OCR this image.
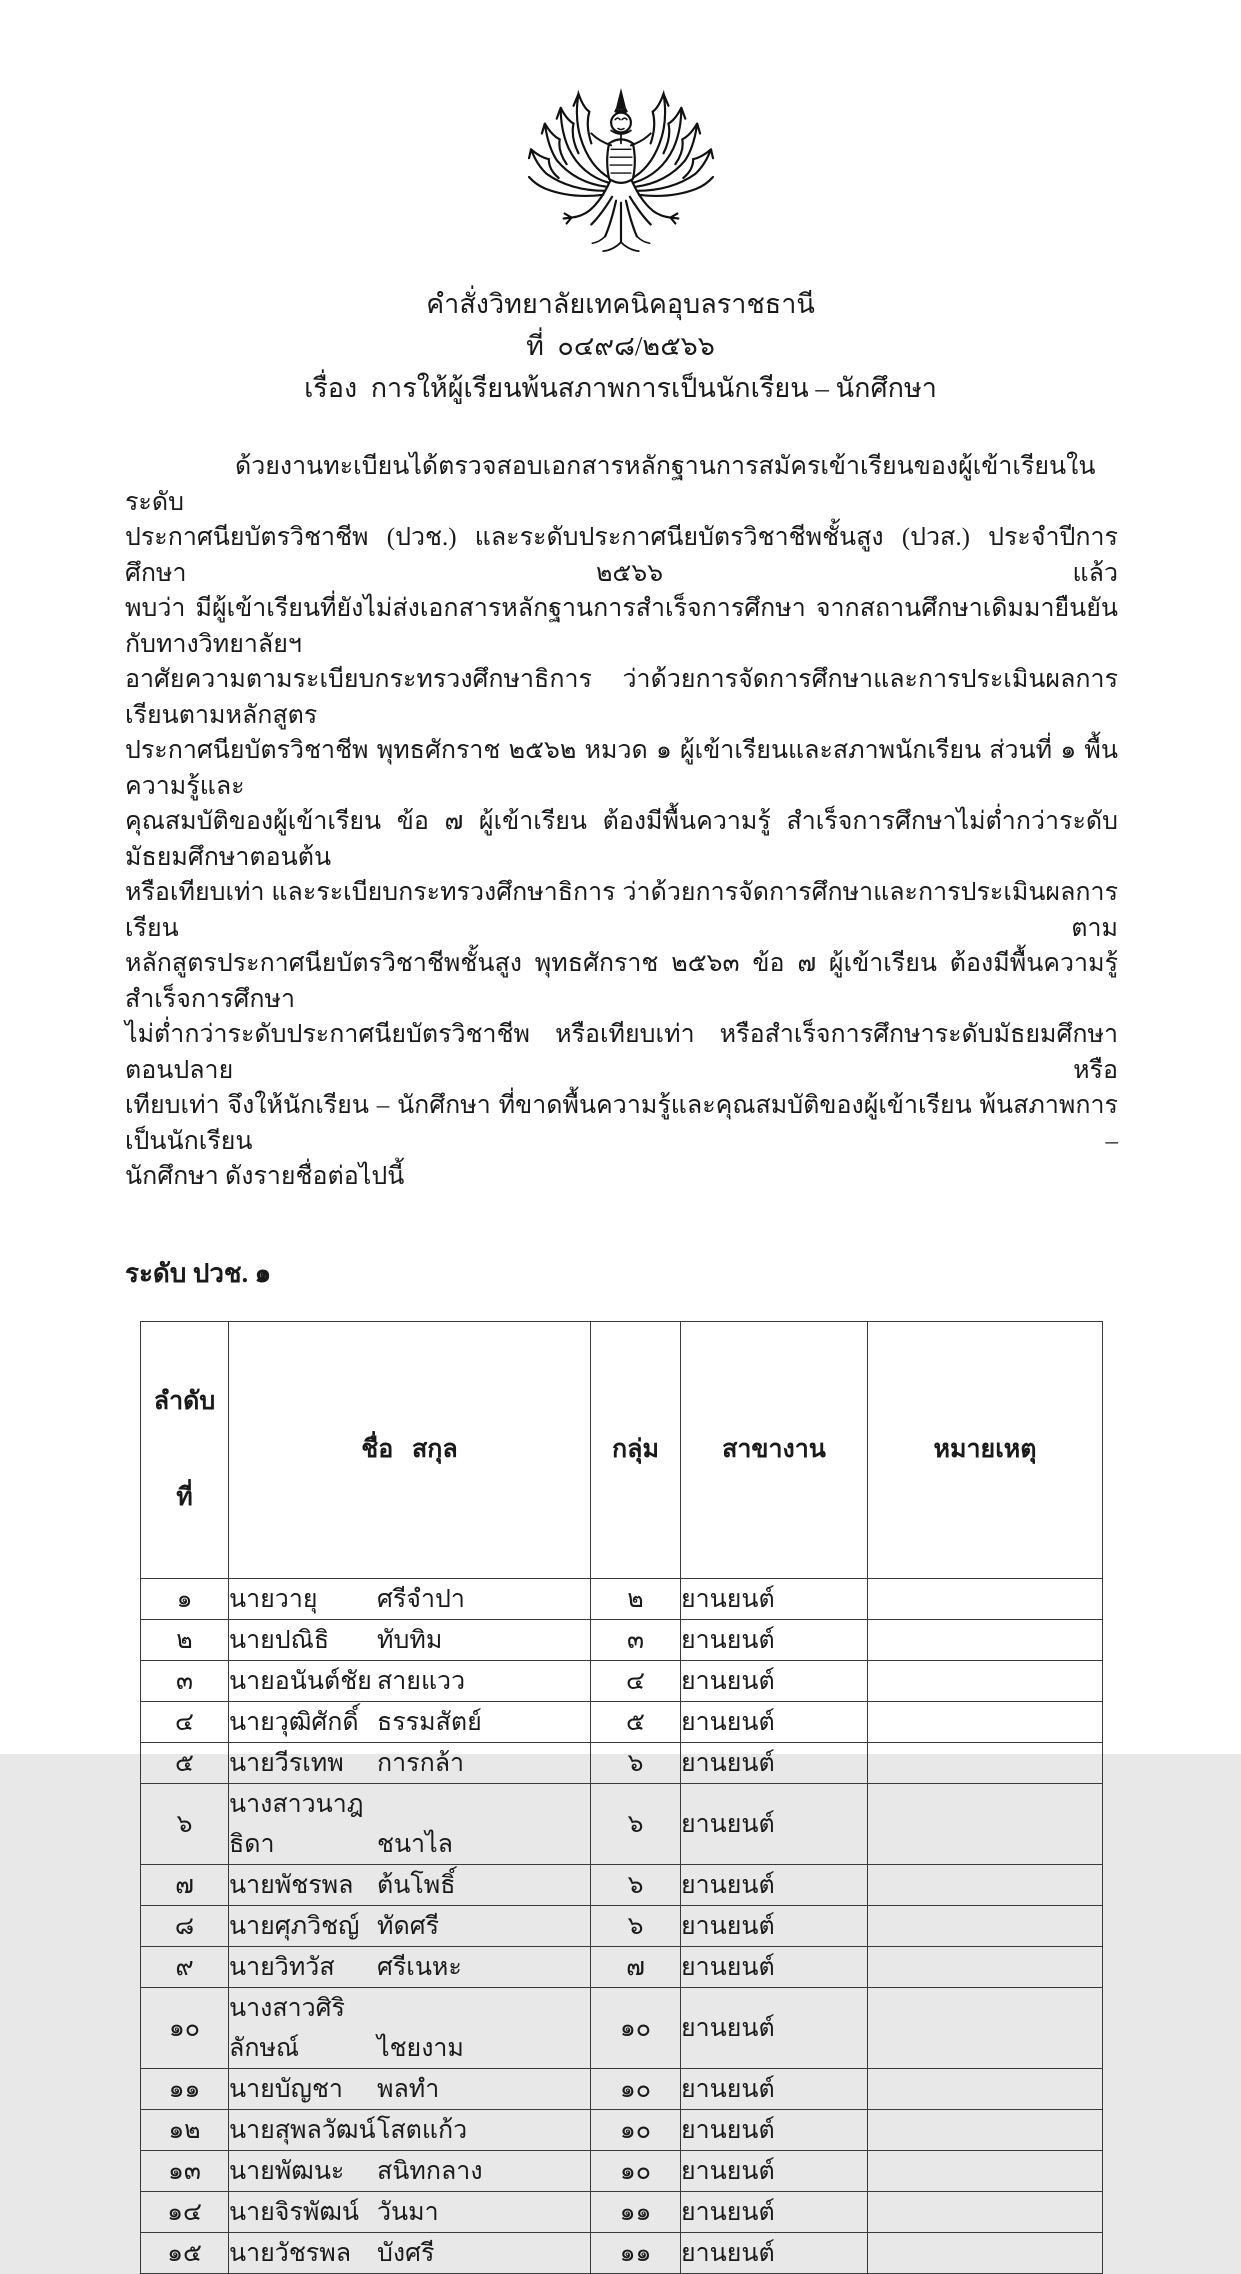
คำสั่งวิทยาลัยเทคนิคอุบลราชธานี
ที่  ๐๔๙๘/๒๕๖๖
เรื่อง  การให้ผู้เรียนพ้นสภาพการเป็นนักเรียน – นักศึกษา
ด้วยงานทะเบียนได้ตรวจสอบเอกสารหลักฐานการสมัครเข้าเรียนของผู้เข้าเรียนในระดับ
ประกาศนียบัตรวิชาชีพ (ปวช.) และระดับประกาศนียบัตรวิชาชีพชั้นสูง (ปวส.) ประจำปีการศึกษา ๒๕๖๖ แล้ว
พบว่า มีผู้เข้าเรียนที่ยังไม่ส่งเอกสารหลักฐานการสำเร็จการศึกษา จากสถานศึกษาเดิมมายืนยันกับทางวิทยาลัยฯ
อาศัยความตามระเบียบกระทรวงศึกษาธิการ ว่าด้วยการจัดการศึกษาและการประเมินผลการเรียนตามหลักสูตร
ประกาศนียบัตรวิชาชีพ พุทธศักราช ๒๕๖๒ หมวด ๑ ผู้เข้าเรียนและสภาพนักเรียน ส่วนที่ ๑ พื้นความรู้และ
คุณสมบัติของผู้เข้าเรียน ข้อ ๗ ผู้เข้าเรียน ต้องมีพื้นความรู้ สำเร็จการศึกษาไม่ต่ำกว่าระดับมัธยมศึกษาตอนต้น
หรือเทียบเท่า และระเบียบกระทรวงศึกษาธิการ ว่าด้วยการจัดการศึกษาและการประเมินผลการเรียน ตาม
หลักสูตรประกาศนียบัตรวิชาชีพชั้นสูง พุทธศักราช ๒๕๖๓ ข้อ ๗ ผู้เข้าเรียน ต้องมีพื้นความรู้ สำเร็จการศึกษา
ไม่ต่ำกว่าระดับประกาศนียบัตรวิชาชีพ หรือเทียบเท่า หรือสำเร็จการศึกษาระดับมัธยมศึกษาตอนปลาย หรือ
เทียบเท่า จึงให้นักเรียน – นักศึกษา ที่ขาดพื้นความรู้และคุณสมบัติของผู้เข้าเรียน พ้นสภาพการเป็นนักเรียน –
นักศึกษา ดังรายชื่อต่อไปนี้
ระดับ ปวช. ๑

ลำดับ

ที่	ชื่อ   สกุล	กลุ่ม	สาขางาน	หมายเหตุ
๑	นายวายุ ศรีจำปา	๒	ยานยนต์	
๒	นายปณิธิ ทับทิม	๓	ยานยนต์	
๓	นายอนันต์ชัย สายแวว	๔	ยานยนต์	
๔	นายวุฒิศักดิ์ ธรรมสัตย์	๕	ยานยนต์	
๕	นายวีรเทพ การกล้า	๖	ยานยนต์	
๖	นางสาวนาฎธิดา ชนาไล	๖	ยานยนต์	
๗	นายพัชรพล ต้นโพธิ์	๖	ยานยนต์	
๘	นายศุภวิชญ์ ทัดศรี	๖	ยานยนต์	
๙	นายวิทวัส ศรีเนหะ	๗	ยานยนต์	
๑๐	นางสาวศิริลักษณ์ ไชยงาม	๑๐	ยานยนต์	
๑๑	นายบัญชา พลทำ	๑๐	ยานยนต์	
๑๒	นายสุพลวัฒน์โสตแก้ว	๑๐	ยานยนต์	
๑๓	นายพัฒนะ สนิทกลาง	๑๐	ยานยนต์	
๑๔	นายจิรพัฒน์ วันมา	๑๑	ยานยนต์	
๑๕	นายวัชรพล บังศรี	๑๑	ยานยนต์	
